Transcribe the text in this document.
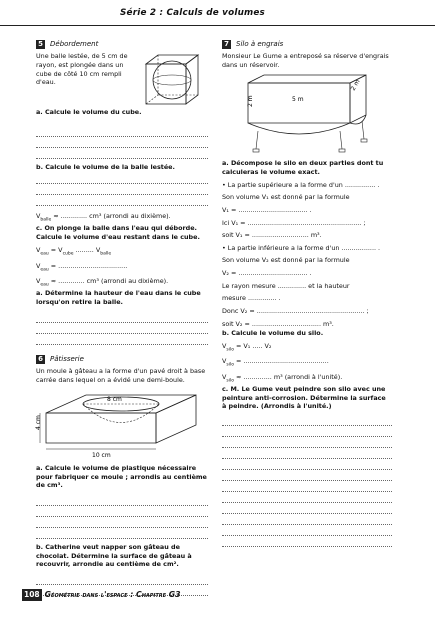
Série 2 : Calculs de volumes
5 Débordement

Une balle lestée, de 5 cm de rayon, est plongée dans un cube de côté 10 cm rempli d'eau.

a. Calcule le volume du cube.

b. Calcule le volume de la balle lestée.

$V_{balle}$ ≈ ............. cm³ (arrondi au dixième).

c. On plonge la balle dans l'eau qui déborde. Calcule le volume d'eau restant dans le cube.

$V_{eau} = V_{cube}$ ......... $V_{balle}$

$V_{eau}$ = ..................................

$V_{eau}$ ≈ ............. cm³ (arrondi au dixième).

a. Détermine la hauteur de l'eau dans le cube lorsqu'on retire la balle.

6 Pâtisserie

Un moule à gâteau a la forme d'un pavé droit à base carrée dans lequel on a évidé une demi-boule.

8 cm
4 cm
10 cm

a. Calcule le volume de plastique nécessaire pour fabriquer ce moule ; arrondis au centième de cm³.

b. Catherine veut napper son gâteau de chocolat. Détermine la surface de gâteau à recouvrir, arrondie au centième de cm².

7 Silo à engrais

Monsieur Le Gume a entreposé sa réserve d'engrais dans un réservoir.

2 m	5 m
2 m

a. Décompose le silo en deux parties dont tu calculeras le volume exact.

• La partie supérieure a la forme d'un ............... .

Son volume V₁ est donné par la formule

V₁ = .................................. .

Ici V₁ = ........................................................ ;

soit V₁ = ............................ m³.

• La partie inférieure a la forme d'un ................. .

Son volume V₂ est donné par la formule

V₂ = .................................. .

Le rayon mesure .............. et la hauteur

mesure .............. .

Donc V₂ = ..................................................... ;

soit V₂ = .................................. m³.

b. Calcule le volume du silo.

$V_{silo} = V_1$ ..... V₂

$V_{silo}$ = ..........................................

$V_{silo}$ ≈ .............. m³ (arrondi à l'unité).

c. M. Le Gume veut peindre son silo avec une peinture anti-corrosion. Détermine la surface à peindre. (Arrondis à l'unité.)

108 Géométrie dans l'espace : Chapitre G3
